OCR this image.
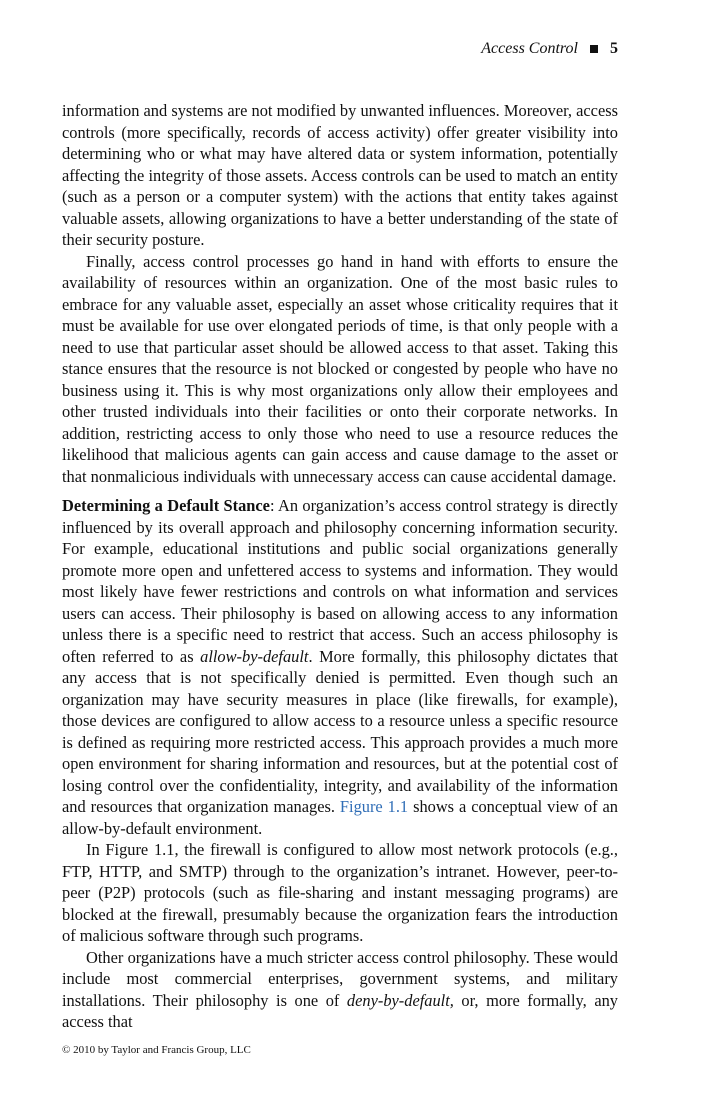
Access Control 5

information and systems are not modified by unwanted influences. Moreover, access controls (more specifically, records of access activity) offer greater visibility into determining who or what may have altered data or system information, potentially affecting the integrity of those assets. Access controls can be used to match an entity (such as a person or a computer system) with the actions that entity takes against valuable assets, allowing organizations to have a better understanding of the state of their security posture.

Finally, access control processes go hand in hand with efforts to ensure the availability of resources within an organization. One of the most basic rules to embrace for any valuable asset, especially an asset whose criticality requires that it must be available for use over elongated periods of time, is that only people with a need to use that particular asset should be allowed access to that asset. Taking this stance ensures that the resource is not blocked or congested by people who have no business using it. This is why most organizations only allow their employees and other trusted individuals into their facilities or onto their corporate networks. In addition, restricting access to only those who need to use a resource reduces the likelihood that malicious agents can gain access and cause damage to the asset or that nonmalicious individuals with unnecessary access can cause accidental damage.

Determining a Default Stance: An organization’s access control strategy is directly influenced by its overall approach and philosophy concerning information security. For example, educational institutions and public social organizations generally promote more open and unfettered access to systems and information. They would most likely have fewer restrictions and controls on what information and services users can access. Their philosophy is based on allowing access to any information unless there is a specific need to restrict that access. Such an access philosophy is often referred to as allow-by-default. More formally, this philosophy dictates that any access that is not specifically denied is permitted. Even though such an organization may have security measures in place (like firewalls, for example), those devices are configured to allow access to a resource unless a specific resource is defined as requiring more restricted access. This approach provides a much more open environment for sharing information and resources, but at the potential cost of losing control over the confidentiality, integrity, and availability of the information and resources that organization manages. Figure 1.1 shows a conceptual view of an allow-by-default environment.

In Figure 1.1, the firewall is configured to allow most network protocols (e.g., FTP, HTTP, and SMTP) through to the organization’s intranet. However, peer-to-peer (P2P) protocols (such as file-sharing and instant messaging programs) are blocked at the firewall, presumably because the organization fears the introduction of malicious software through such programs.

Other organizations have a much stricter access control philosophy. These would include most commercial enterprises, government systems, and military installations. Their philosophy is one of deny-by-default, or, more formally, any access that

© 2010 by Taylor and Francis Group, LLC
